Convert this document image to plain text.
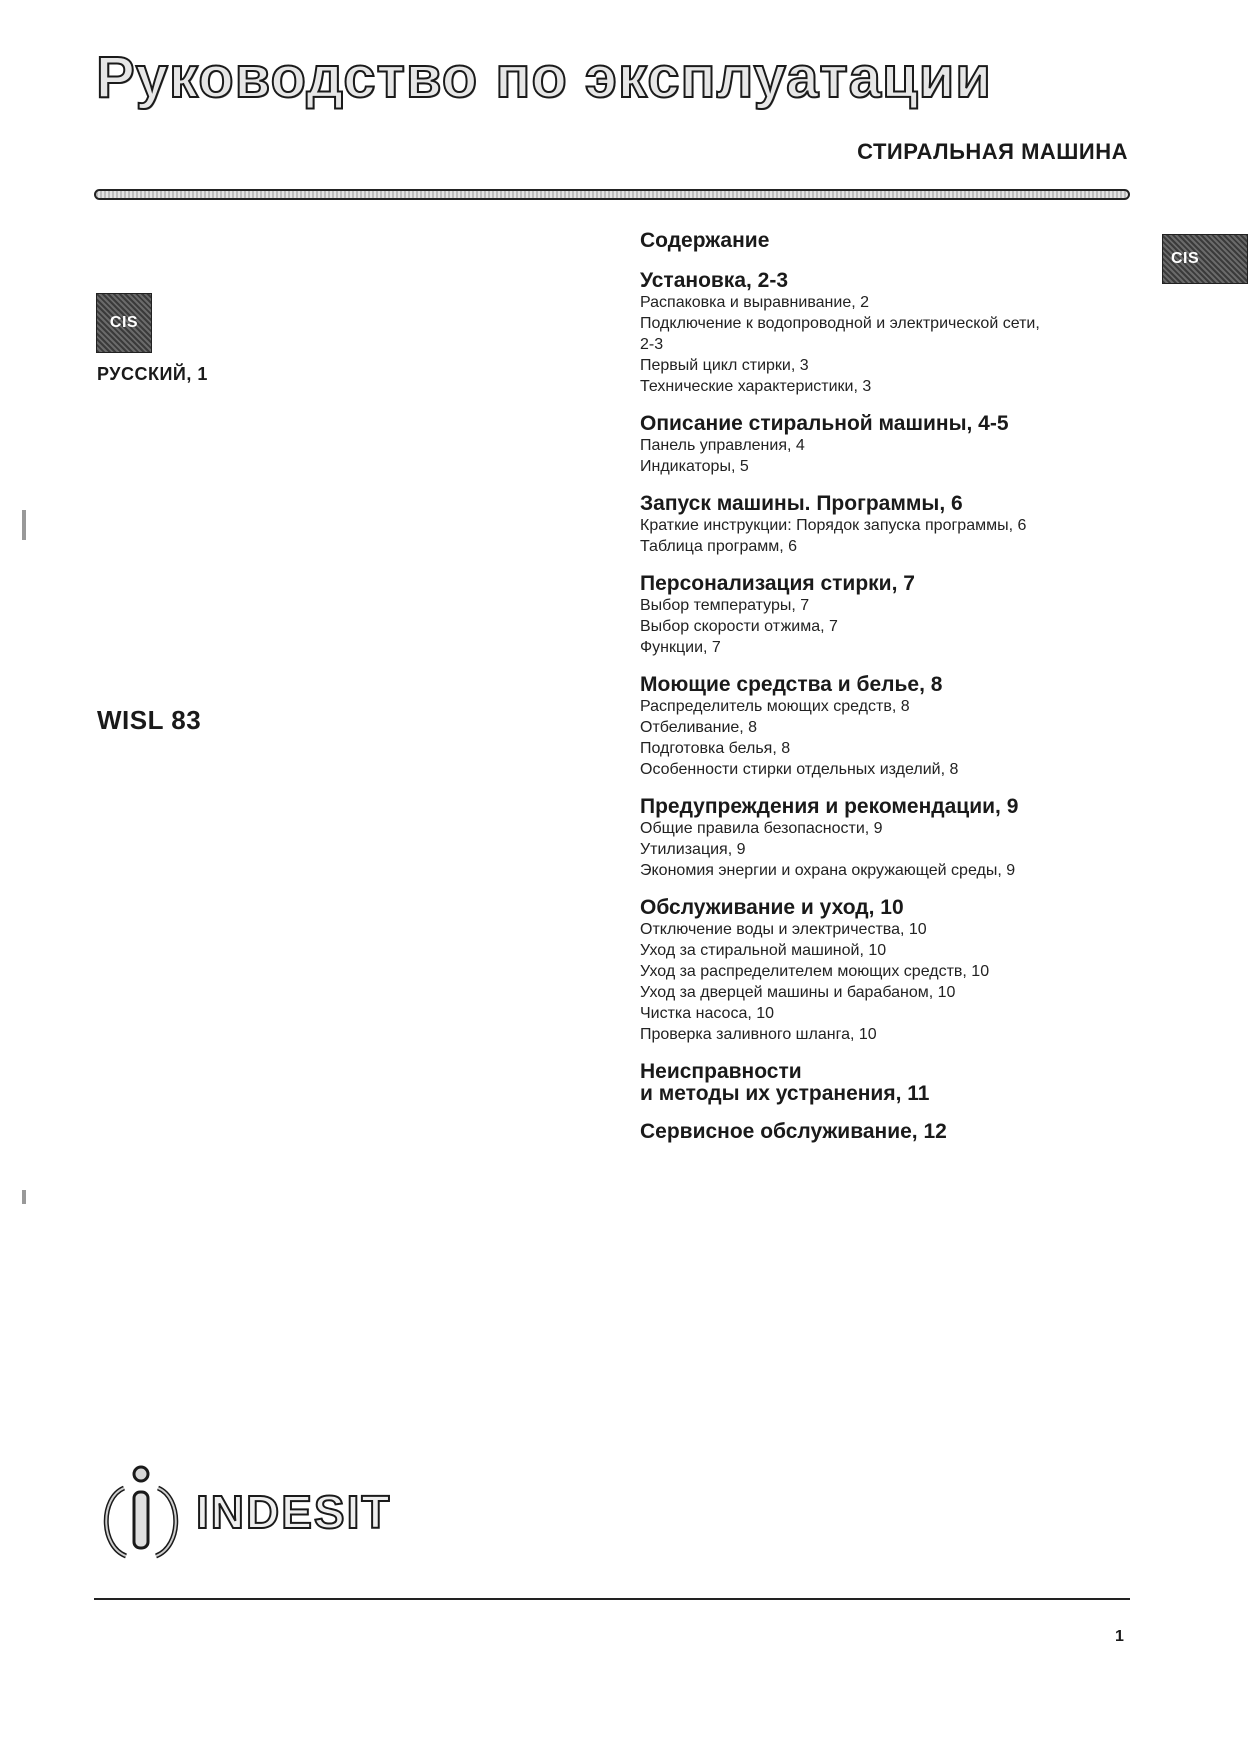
Руководство по эксплуатации
СТИРАЛЬНАЯ МАШИНА
CIS
РУССКИЙ, 1
CIS
WISL 83
Содержание
Установка, 2-3
Распаковка и выравнивание, 2
Подключение к водопроводной и электрической сети, 2-3
Первый цикл стирки, 3
Технические характеристики, 3
Описание стиральной машины, 4-5
Панель управления, 4
Индикаторы, 5
Запуск машины. Программы, 6
Краткие инструкции: Порядок запуска программы, 6
Таблица программ, 6
Персонализация стирки, 7
Выбор температуры, 7
Выбор скорости отжима, 7
Функции, 7
Моющие средства и белье, 8
Распределитель моющих средств, 8
Отбеливание, 8
Подготовка белья, 8
Особенности стирки отдельных изделий, 8
Предупреждения и рекомендации, 9
Общие правила безопасности, 9
Утилизация, 9
Экономия энергии и охрана окружающей среды, 9
Обслуживание и уход, 10
Отключение воды и электричества, 10
Уход за стиральной машиной, 10
Уход за распределителем моющих средств, 10
Уход за дверцей машины и барабаном, 10
Чистка насоса, 10
Проверка заливного шланга, 10
Неисправности
и методы их устранения, 11
Сервисное обслуживание, 12
INDESIT
1
